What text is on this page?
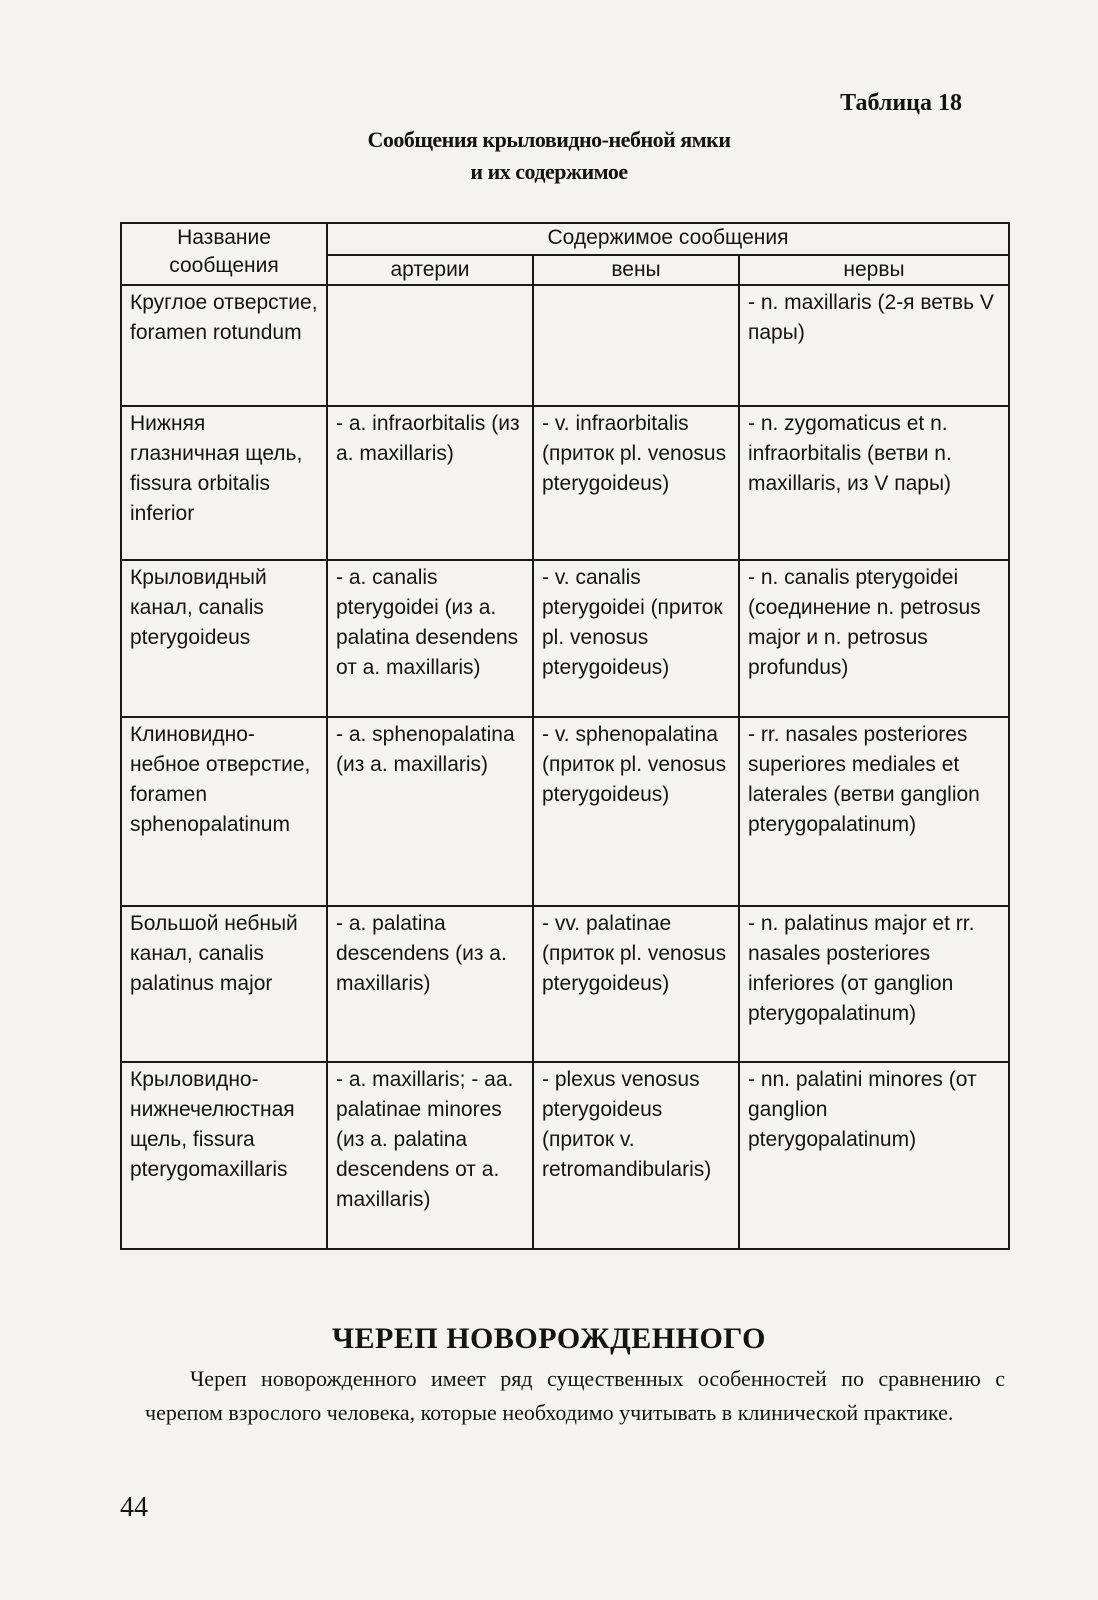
Таблица 18
Сообщения крыловидно-небной ямки
и их содержимое
Название сообщения	Содержимое сообщения		
	артерии	вены	нервы
Круглое отверстие, foramen rotundum			- n. maxillaris (2-я ветвь V пары)
Нижняя глазничная щель, fissura orbitalis inferior	- a. infraorbitalis (из a. maxillaris)	- v. infraorbitalis (приток pl. venosus pterygoideus)	- n. zygomaticus et n. infraorbitalis (ветви n. maxillaris, из V пары)
Крыловидный канал, canalis pterygoideus	- a. canalis pterygoidei (из a. palatina desendens от a. maxillaris)	- v. canalis pterygoidei (приток pl. venosus pterygoideus)	- n. canalis pterygoidei (соединение n. petrosus major и n. petrosus profundus)
Клиновидно-небное отверстие, foramen sphenopalatinum	- a. sphenopalatina (из a. maxillaris)	- v. sphenopalatina (приток pl. venosus pterygoideus)	- rr. nasales posteriores superiores mediales et laterales (ветви ganglion pterygopalatinum)
Большой небный канал, canalis palatinus major	- a. palatina descendens (из a. maxillaris)	- vv. palatinae (приток pl. venosus pterygoideus)	- n. palatinus major et rr. nasales posteriores inferiores (от ganglion pterygopalatinum)
Крыловидно-нижнечелюстная щель, fissura pterygomaxillaris	- a. maxillaris; - aa. palatinae minores (из a. palatina descendens от a. maxillaris)	- plexus venosus pterygoideus (приток v. retromandibularis)	- nn. palatini minores (от ganglion pterygopalatinum)
ЧЕРЕП НОВОРОЖДЕННОГО
Череп новорожденного имеет ряд существенных особенностей по сравнению с черепом взрослого человека, которые необходимо учитывать в клинической практике.
44
